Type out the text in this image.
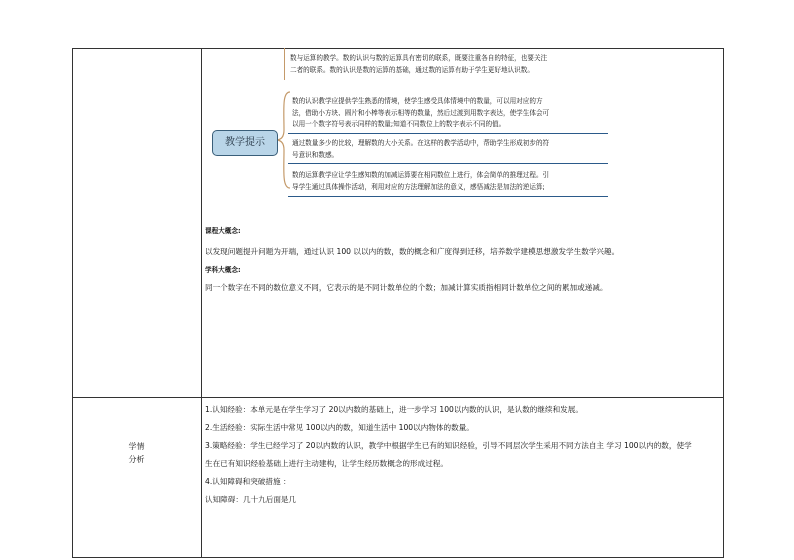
数与运算的教学。数的认识与数的运算具有密切的联系，既要注重各自的特征，也要关注
二者的联系。数的认识是数的运算的基础，通过数的运算有助于学生更好地认识数。
教学提示
数的认识教学应提供学生熟悉的情境，使学生感受具体情境中的数量，可以用对应的方
法，借助小方块、圆片和小棒等表示相等的数量，然后过渡到用数字表达，使学生体会可
以用一个数字符号表示同样的数量;知道不同数位上的数字表示不同的值。
通过数量多少的比较，理解数的大小关系。在这样的教学活动中，帮助学生形成初步的符
号意识和数感。
数的运算教学应让学生感知数的加减运算要在相同数位上进行，体会简单的推理过程。引
导学生通过具体操作活动，利用对应的方法理解加法的意义，感悟减法是加法的逆运算;
课程大概念:
以发现问题提升问题为开端，通过认识 100 以以内的数，数的概念和广度得到迁移，培养数学建模思想激发学生数学兴趣。
学科大概念:
同一个数字在不同的数位意义不同，它表示的是不同计数单位的个数；加减计算实质指相同计数单位之间的累加或递减。
学情
分析
1.认知经验：本单元是在学生学习了 20以内数的基础上，进一步学习 100以内数的认识，是认数的继续和发展。
2.生活经验：实际生活中常见 100以内的数，知道生活中 100以内物体的数量。
3.策略经验：学生已经学习了 20以内数的认识，教学中根据学生已有的知识经验，引导不同层次学生采用不同方法自主 学习 100以内的数，使学
生在已有知识经验基础上进行主动建构，让学生经历数概念的形成过程。
4.认知障碍和突破措施 ：
认知障碍：几十九后面是几
